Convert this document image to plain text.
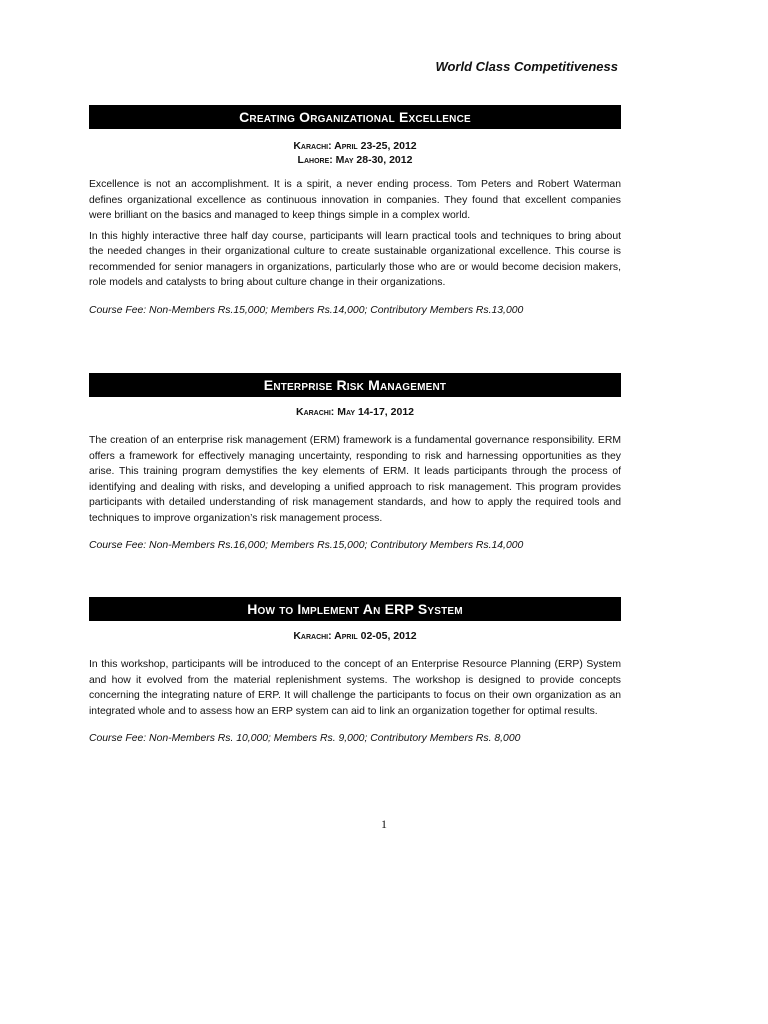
World Class Competitiveness
Creating Organizational Excellence
Karachi: April 23-25, 2012
Lahore: May 28-30, 2012

Excellence is not an accomplishment. It is a spirit, a never ending process. Tom Peters and Robert Waterman defines organizational excellence as continuous innovation in companies. They found that excellent companies were brilliant on the basics and managed to keep things simple in a complex world.

In this highly interactive three half day course, participants will learn practical tools and techniques to bring about the needed changes in their organizational culture to create sustainable organizational excellence. This course is recommended for senior managers in organizations, particularly those who are or would become decision makers, role models and catalysts to bring about culture change in their organizations.

Course Fee: Non-Members Rs.15,000; Members Rs.14,000; Contributory Members Rs.13,000

Enterprise Risk Management
Karachi: May 14-17, 2012

The creation of an enterprise risk management (ERM) framework is a fundamental governance responsibility. ERM offers a framework for effectively managing uncertainty, responding to risk and harnessing opportunities as they arise. This training program demystifies the key elements of ERM. It leads participants through the process of identifying and dealing with risks, and developing a unified approach to risk management. This program provides participants with detailed understanding of risk management standards, and how to apply the required tools and techniques to improve organization’s risk management process.

Course Fee: Non-Members Rs.16,000; Members Rs.15,000; Contributory Members Rs.14,000

How to Implement An ERP System
Karachi: April 02-05, 2012

In this workshop, participants will be introduced to the concept of an Enterprise Resource Planning (ERP) System and how it evolved from the material replenishment systems. The workshop is designed to provide concepts concerning the integrating nature of ERP. It will challenge the participants to focus on their own organization as an integrated whole and to assess how an ERP system can aid to link an organization together for optimal results.

Course Fee: Non-Members Rs. 10,000; Members Rs. 9,000; Contributory Members Rs. 8,000

1
